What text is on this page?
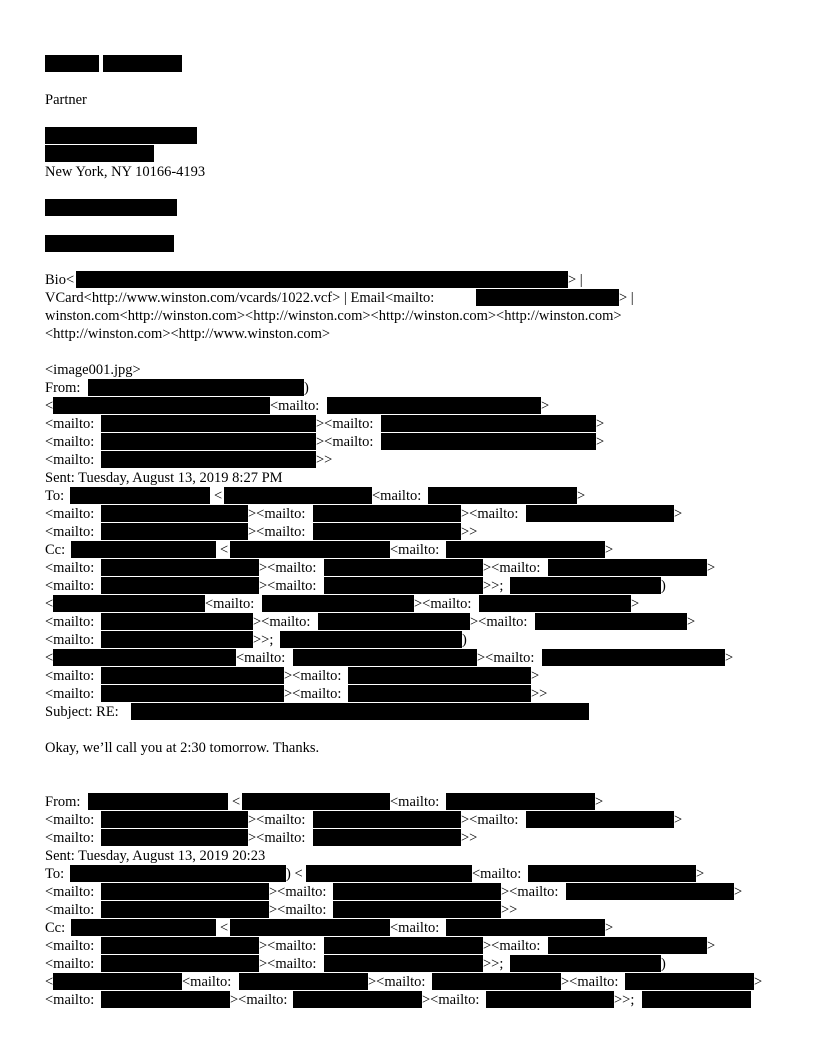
Partner
New York, NY 10166-4193
Bio<	> |
VCard<http://www.winston.com/vcards/1022.vcf> | Email<mailto:	> |
winston.com<http://winston.com><http://winston.com><http://winston.com><http://winston.com>
<http://winston.com><http://www.winston.com>
<image001.jpg>
From:	)
<	<mailto:	>
<mailto:	><mailto:	>
<mailto:	><mailto:	>
<mailto:	>>
Sent: Tuesday, August 13, 2019 8:27 PM
To:	<	<mailto:	>
<mailto:	><mailto:	><mailto:	>
<mailto:	><mailto:	>>
Cc:	<	<mailto:	>
<mailto:	><mailto:	><mailto:	>
<mailto:	><mailto:	>>;	)
<	<mailto:	><mailto:	>
<mailto:	><mailto:	><mailto:	>
<mailto:	>>;	)
<	<mailto:	><mailto:	>
<mailto:	><mailto:	>
<mailto:	><mailto:	>>
Subject: RE:
Okay, we’ll call you at 2:30 tomorrow. Thanks.
From:	<	<mailto:	>
<mailto:	><mailto:	><mailto:	>
<mailto:	><mailto:	>>
Sent: Tuesday, August 13, 2019 20:23
To:	) <	<mailto:	>
<mailto:	><mailto:	><mailto:	>
<mailto:	><mailto:	>>
Cc:	<	<mailto:	>
<mailto:	><mailto:	><mailto:	>
<mailto:	><mailto:	>>;	)
<	<mailto:	><mailto:	><mailto:	>
<mailto:	><mailto:	><mailto:	>>;
